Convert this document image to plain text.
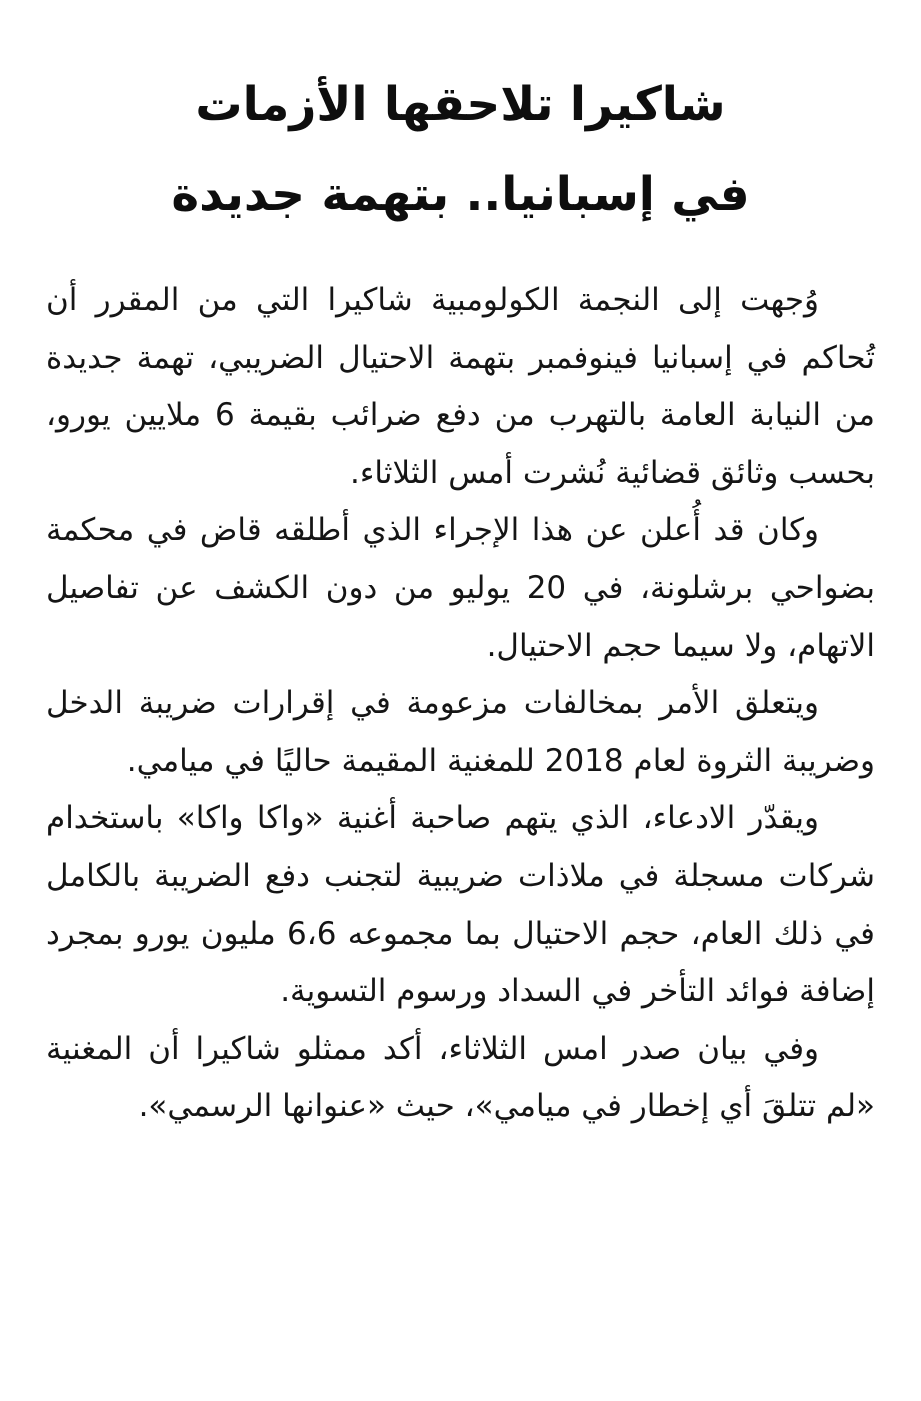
شاكيرا تلاحقها الأزمات
في إسبانيا.. بتهمة جديدة

وُجهت إلى النجمة الكولومبية شاكيرا التي من المقرر أن تُحاكم في إسبانيا فينوفمبر بتهمة الاحتيال الضريبي، تهمة جديدة من النيابة العامة بالتهرب من دفع ضرائب بقيمة 6 ملايين يورو، بحسب وثائق قضائية نُشرت أمس الثلاثاء.

وكان قد أُعلن عن هذا الإجراء الذي أطلقه قاض في محكمة بضواحي برشلونة، في 20 يوليو من دون الكشف عن تفاصيل الاتهام، ولا سيما حجم الاحتيال.

ويتعلق الأمر بمخالفات مزعومة في إقرارات ضريبة الدخل وضريبة الثروة لعام 2018 للمغنية المقيمة حاليًا في ميامي.

ويقدّر الادعاء، الذي يتهم صاحبة أغنية «واكا واكا» باستخدام شركات مسجلة في ملاذات ضريبية لتجنب دفع الضريبة بالكامل في ذلك العام، حجم الاحتيال بما مجموعه 6،6 مليون يورو بمجرد إضافة فوائد التأخر في السداد ورسوم التسوية.

وفي بيان صدر امس الثلاثاء، أكد ممثلو شاكيرا أن المغنية «لم تتلقَ أي إخطار في ميامي»، حيث «عنوانها الرسمي».
